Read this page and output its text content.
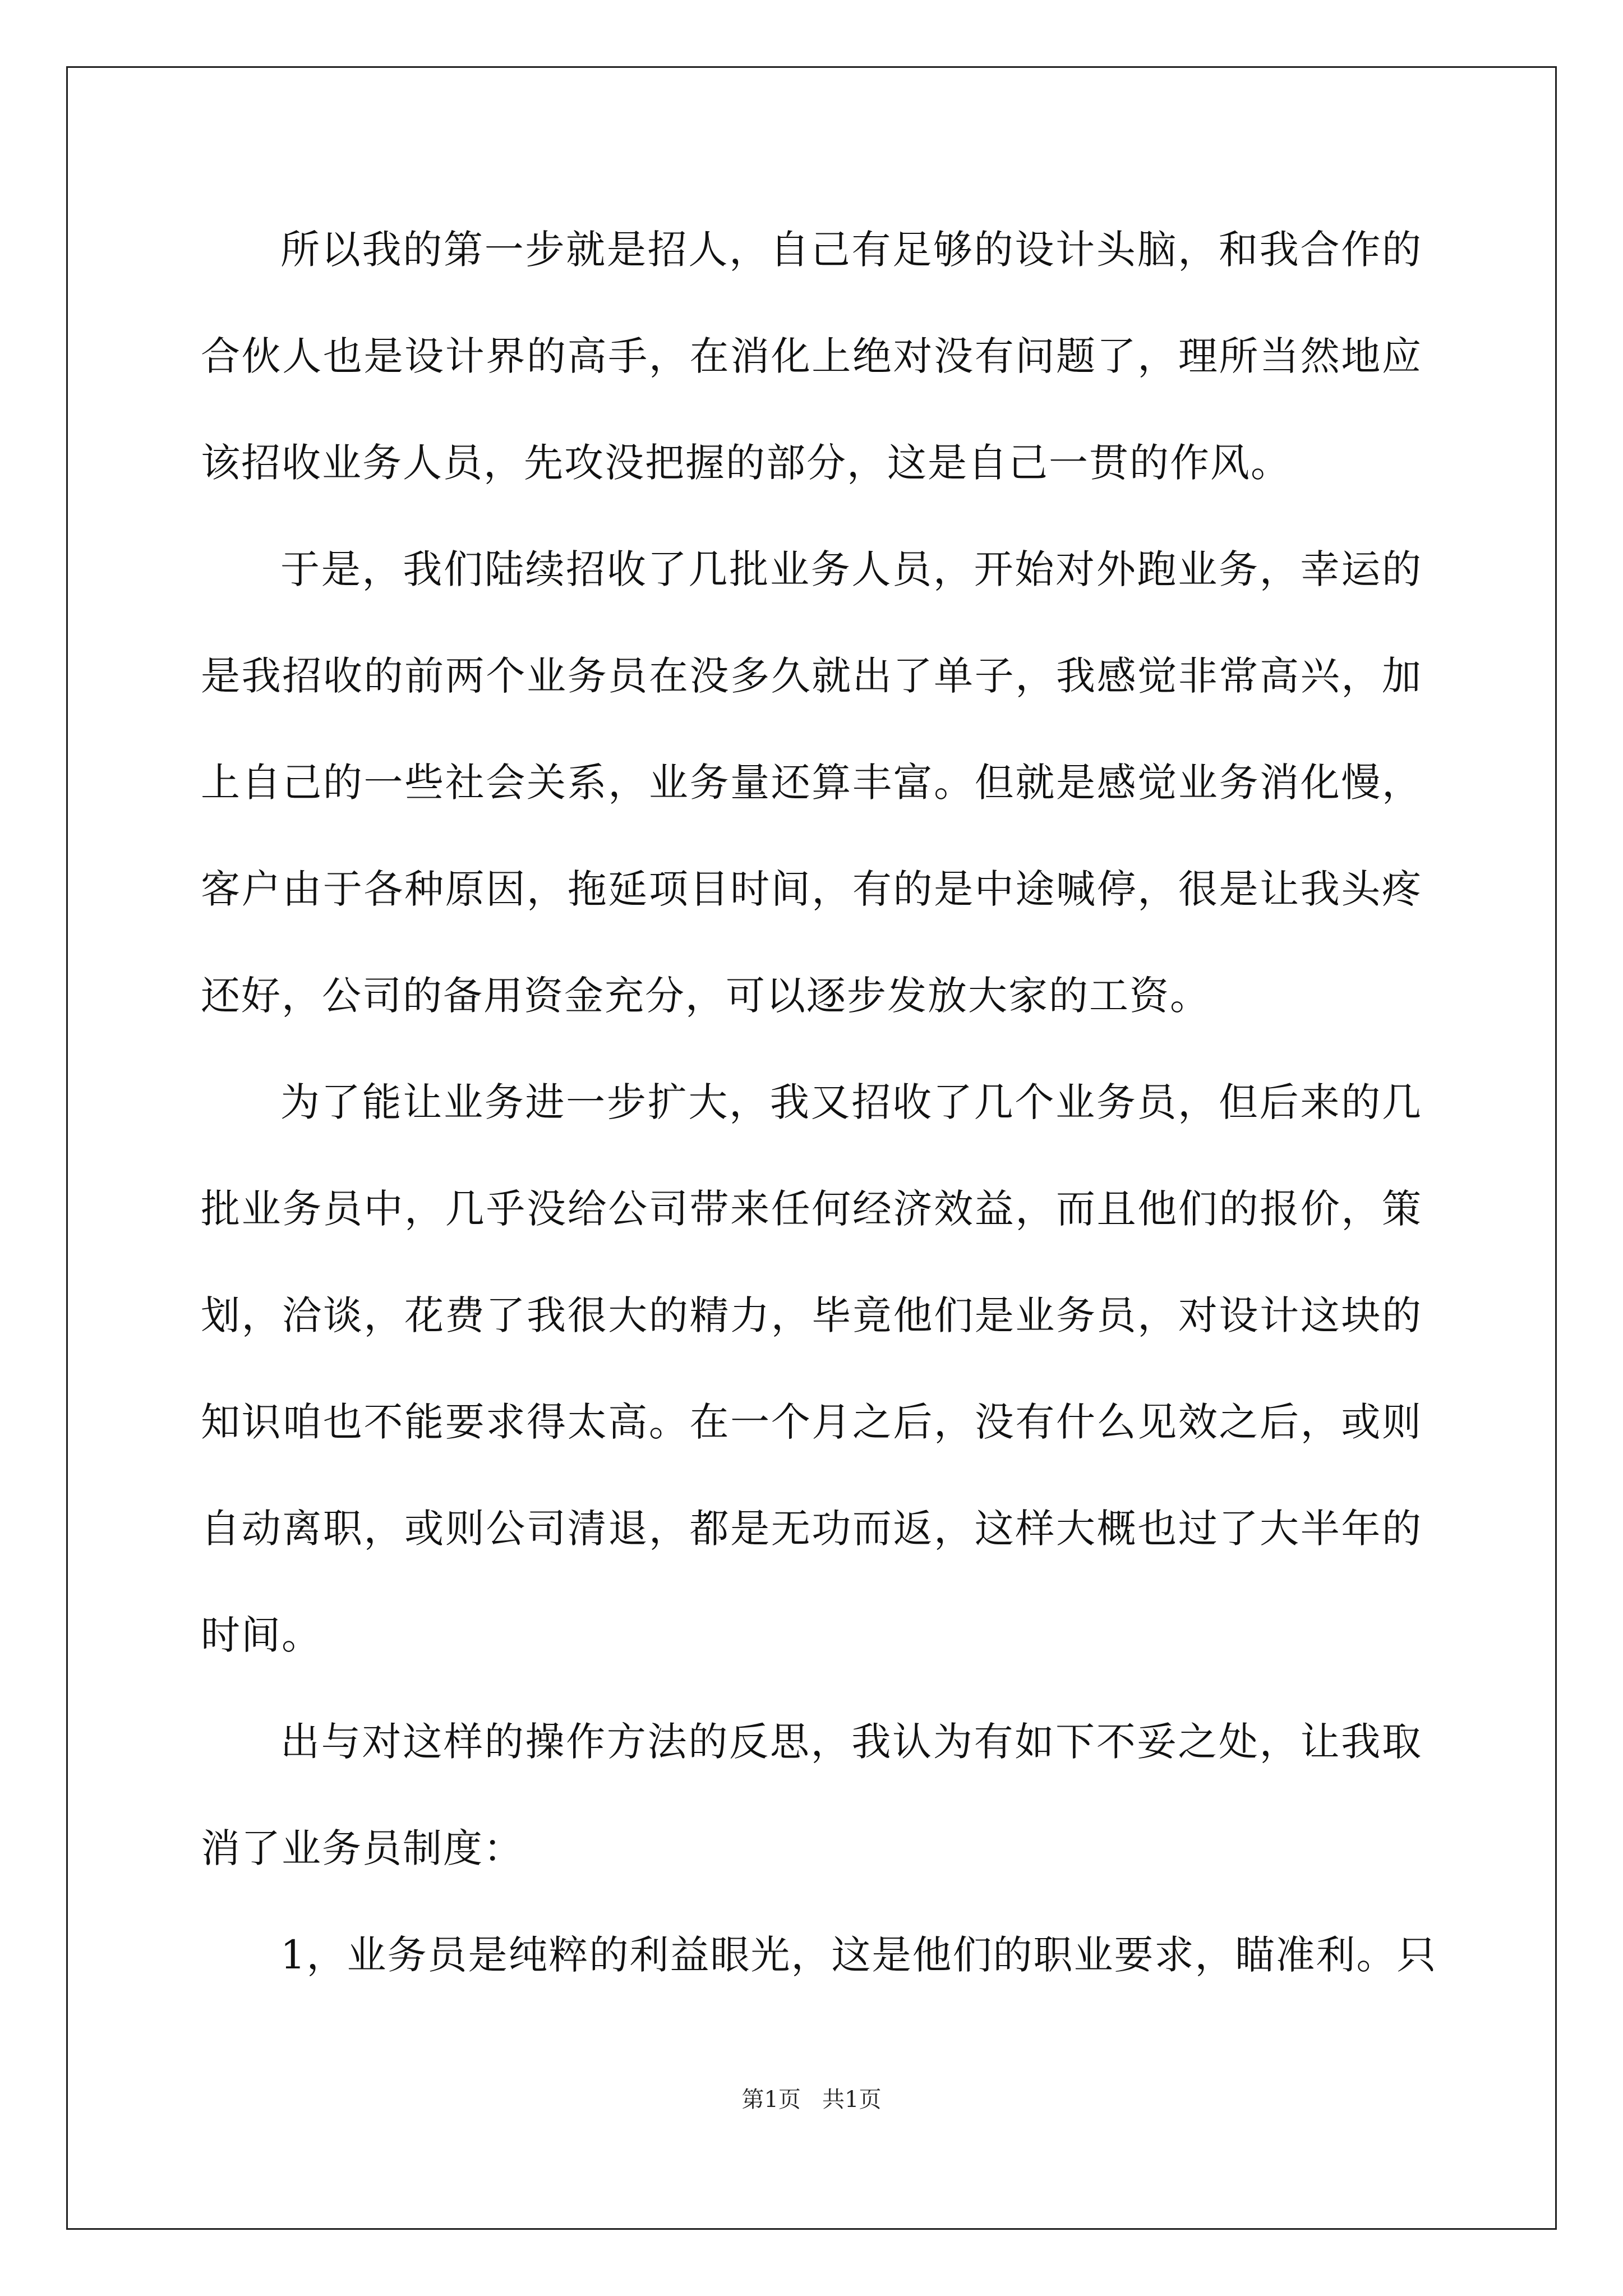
所以我的第一步就是招人，自己有足够的设计头脑，和我合作的
合伙人也是设计界的高手，在消化上绝对没有问题了，理所当然地应
该招收业务人员，先攻没把握的部分，这是自己一贯的作风。
于是，我们陆续招收了几批业务人员，开始对外跑业务，幸运的
是我招收的前两个业务员在没多久就出了单子，我感觉非常高兴，加
上自己的一些社会关系，业务量还算丰富。但就是感觉业务消化慢，
客户由于各种原因，拖延项目时间，有的是中途喊停，很是让我头疼
还好，公司的备用资金充分，可以逐步发放大家的工资。
为了能让业务进一步扩大，我又招收了几个业务员，但后来的几
批业务员中，几乎没给公司带来任何经济效益，而且他们的报价，策
划，洽谈，花费了我很大的精力，毕竟他们是业务员，对设计这块的
知识咱也不能要求得太高。在一个月之后，没有什么见效之后，或则
自动离职，或则公司清退，都是无功而返，这样大概也过了大半年的
时间。
出与对这样的操作方法的反思，我认为有如下不妥之处，让我取
消了业务员制度：
1，业务员是纯粹的利益眼光，这是他们的职业要求，瞄准利。只
第1页   共1页
